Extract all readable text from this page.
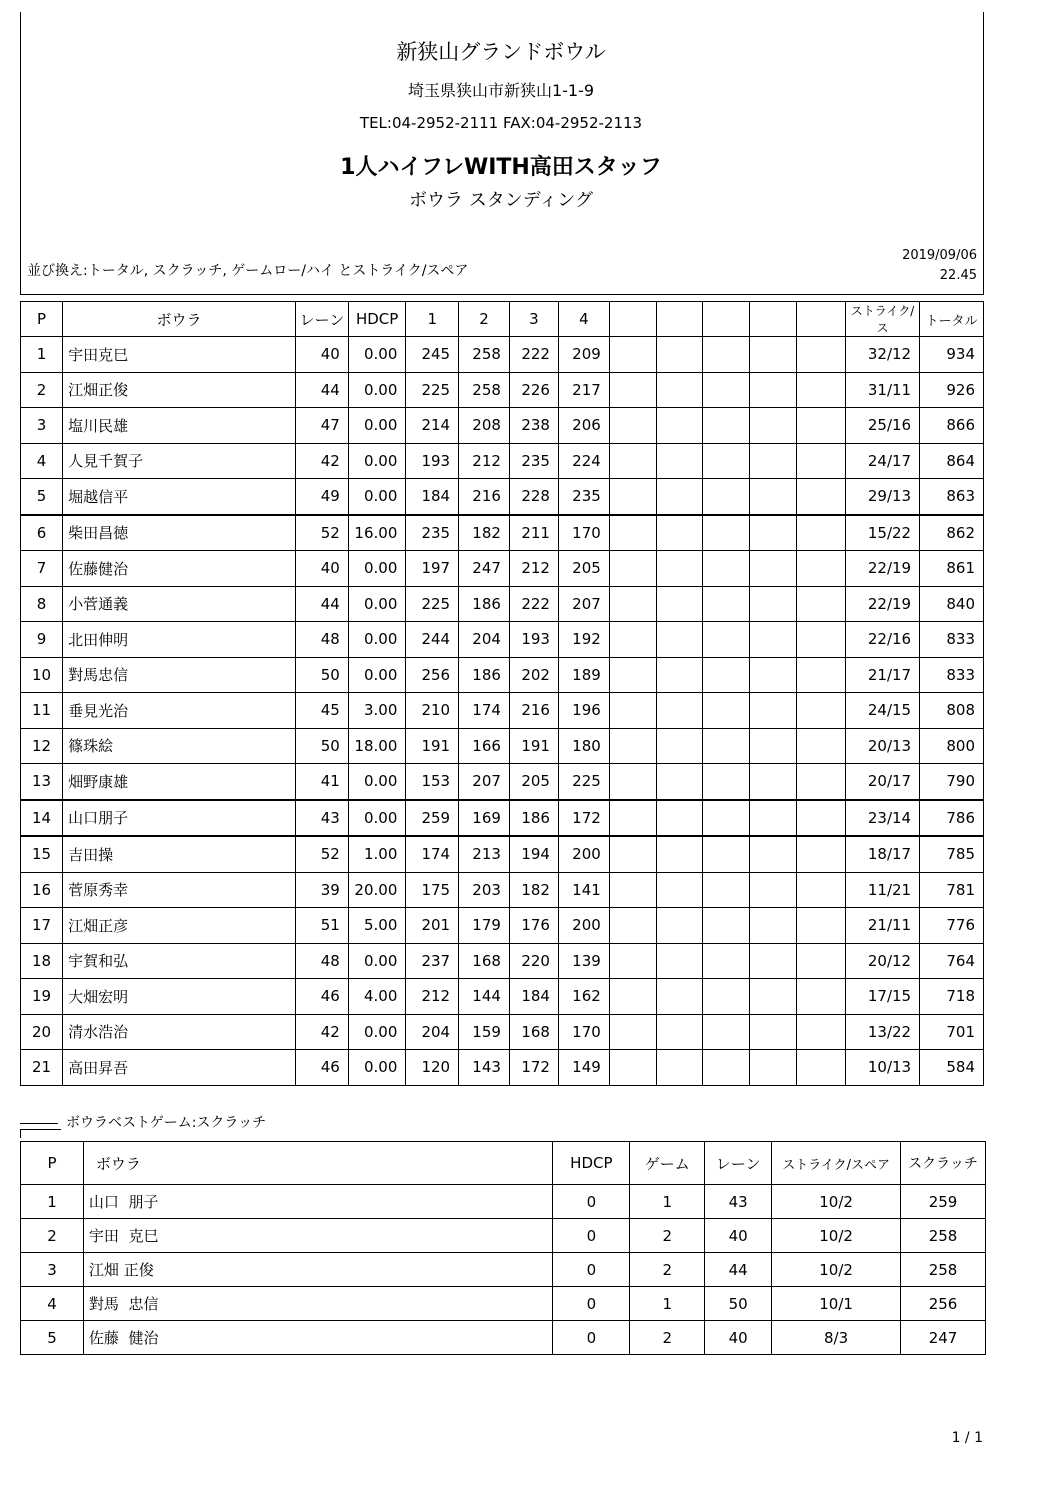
新狭山グランドボウル
埼玉県狭山市新狭山1-1-9
TEL:04-2952-2111 FAX:04-2952-2113
1人ハイフレWITH高田スタッフ
ボウラ スタンディング
並び換え:トータル, スクラッチ, ゲームロー/ハイ とストライク/スペア
2019/09/06
22.45
P	ボウラ	レーン	HDCP	1	2	3	4						ストライク/ス	トータル
1	宇田克巳	40	0.00	245	258	222	209						32/12	934
2	江畑正俊	44	0.00	225	258	226	217						31/11	926
3	塩川民雄	47	0.00	214	208	238	206						25/16	866
4	人見千賀子	42	0.00	193	212	235	224						24/17	864
5	堀越信平	49	0.00	184	216	228	235						29/13	863
6	柴田昌徳	52	16.00	235	182	211	170						15/22	862
7	佐藤健治	40	0.00	197	247	212	205						22/19	861
8	小菅通義	44	0.00	225	186	222	207						22/19	840
9	北田伸明	48	0.00	244	204	193	192						22/16	833
10	對馬忠信	50	0.00	256	186	202	189						21/17	833
11	垂見光治	45	3.00	210	174	216	196						24/15	808
12	篠珠絵	50	18.00	191	166	191	180						20/13	800
13	畑野康雄	41	0.00	153	207	205	225						20/17	790
14	山口朋子	43	0.00	259	169	186	172						23/14	786
15	吉田操	52	1.00	174	213	194	200						18/17	785
16	菅原秀幸	39	20.00	175	203	182	141						11/21	781
17	江畑正彦	51	5.00	201	179	176	200						21/11	776
18	宇賀和弘	48	0.00	237	168	220	139						20/12	764
19	大畑宏明	46	4.00	212	144	184	162						17/15	718
20	清水浩治	42	0.00	204	159	168	170						13/22	701
21	高田昇吾	46	0.00	120	143	172	149						10/13	584
ボウラベストゲーム:スクラッチ
P	ボウラ	HDCP	ゲーム	レーン	ストライク/スペア	スクラッチ
1	山口  朋子	0	1	43	10/2	259
2	宇田  克巳	0	2	40	10/2	258
3	江畑 正俊	0	2	44	10/2	258
4	對馬  忠信	0	1	50	10/1	256
5	佐藤  健治	0	2	40	8/3	247
1 / 1
